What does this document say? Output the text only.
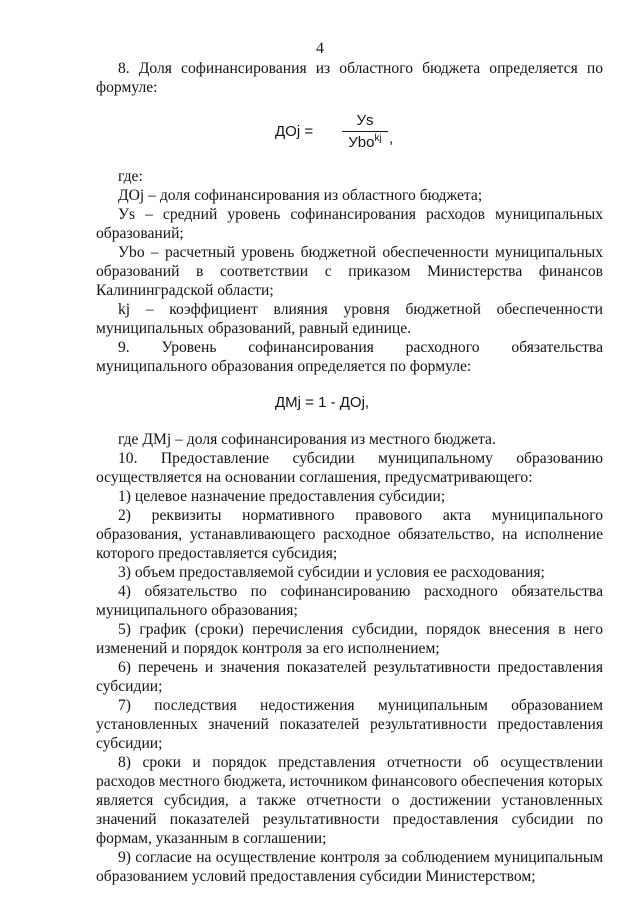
4
8. Доля софинансирования из областного бюджета определяется по
формуле:
ДОj =
Уs
Уbo$^{kj}$ ,
где:
ДОj – доля софинансирования из областного бюджета;
Уs – средний уровень софинансирования расходов муниципальных
образований;
Уbo – расчетный уровень бюджетной обеспеченности муниципальных
образований в соответствии с приказом Министерства финансов
Калининградской области;
kj – коэффициент влияния уровня бюджетной обеспеченности
муниципальных образований, равный единице.
9. Уровень софинансирования расходного обязательства
муниципального образования определяется по формуле:
ДМj = 1 - ДОj,
где ДМj – доля софинансирования из местного бюджета.
10. Предоставление субсидии муниципальному образованию
осуществляется на основании соглашения, предусматривающего:
1) целевое назначение предоставления субсидии;
2) реквизиты нормативного правового акта муниципального
образования, устанавливающего расходное обязательство, на исполнение
которого предоставляется субсидия;
3) объем предоставляемой субсидии и условия ее расходования;
4) обязательство по софинансированию расходного обязательства
муниципального образования;
5) график (сроки) перечисления субсидии, порядок внесения в него
изменений и порядок контроля за его исполнением;
6) перечень и значения показателей результативности предоставления
субсидии;
7) последствия недостижения муниципальным образованием
установленных значений показателей результативности предоставления
субсидии;
8) сроки и порядок представления отчетности об осуществлении
расходов местного бюджета, источником финансового обеспечения которых
является субсидия, а также отчетности о достижении установленных
значений показателей результативности предоставления субсидии по
формам, указанным в соглашении;
9) согласие на осуществление контроля за соблюдением муниципальным
образованием условий предоставления субсидии Министерством;
